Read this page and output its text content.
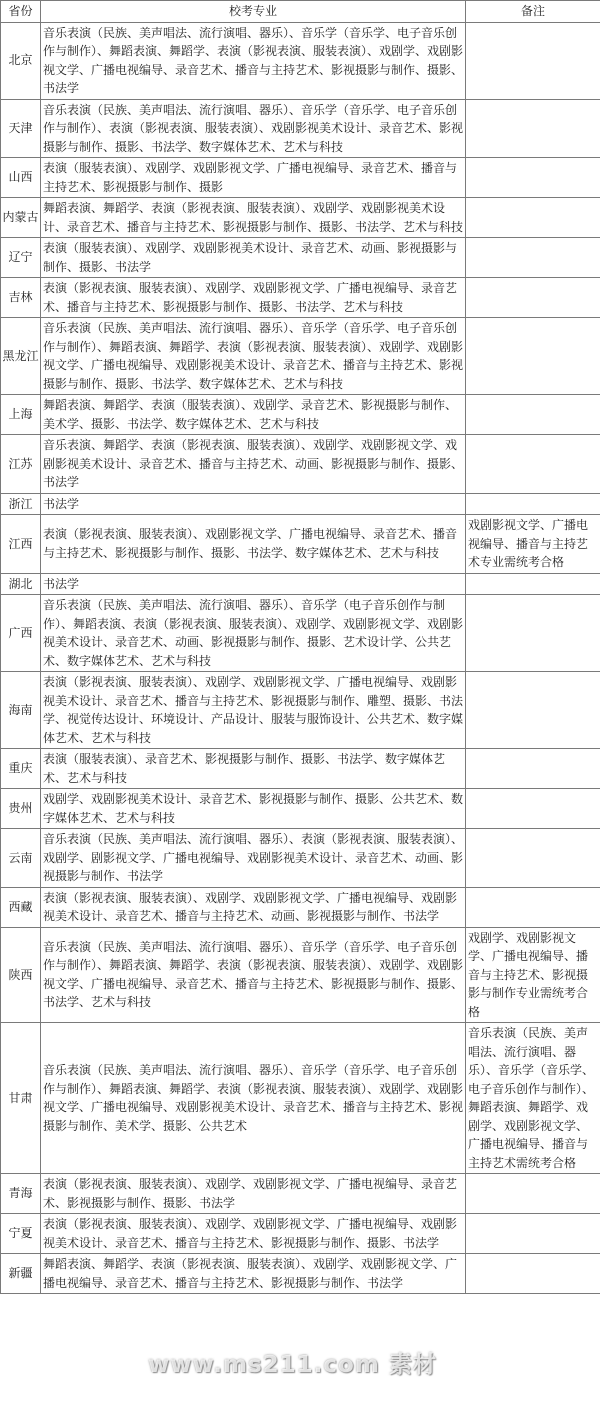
省份	校考专业	备注
北京	音乐表演（民族、美声唱法、流行演唱、器乐）、音乐学（音乐学、电子音乐创作与制作）、舞蹈表演、舞蹈学、表演（影视表演、服装表演）、戏剧学、戏剧影视文学、广播电视编导、录音艺术、播音与主持艺术、影视摄影与制作、摄影、书法学	
天津	音乐表演（民族、美声唱法、流行演唱、器乐）、音乐学（音乐学、电子音乐创作与制作）、表演（影视表演、服装表演）、戏剧影视美术设计、录音艺术、影视摄影与制作、摄影、书法学、数字媒体艺术、艺术与科技	
山西	表演（服装表演）、戏剧学、戏剧影视文学、广播电视编导、录音艺术、播音与主持艺术、影视摄影与制作、摄影	
内蒙古	舞蹈表演、舞蹈学、表演（影视表演、服装表演）、戏剧学、戏剧影视美术设计、录音艺术、播音与主持艺术、影视摄影与制作、摄影、书法学、艺术与科技	
辽宁	表演（服装表演）、戏剧学、戏剧影视美术设计、录音艺术、动画、影视摄影与制作、摄影、书法学	
吉林	表演（影视表演、服装表演）、戏剧学、戏剧影视文学、广播电视编导、录音艺术、播音与主持艺术、影视摄影与制作、摄影、书法学、艺术与科技	
黑龙江	音乐表演（民族、美声唱法、流行演唱、器乐）、音乐学（音乐学、电子音乐创作与制作）、舞蹈表演、舞蹈学、表演（影视表演、服装表演）、戏剧学、戏剧影视文学、广播电视编导、戏剧影视美术设计、录音艺术、播音与主持艺术、影视摄影与制作、摄影、书法学、数字媒体艺术、艺术与科技	
上海	舞蹈表演、舞蹈学、表演（服装表演）、戏剧学、录音艺术、影视摄影与制作、美术学、摄影、书法学、数字媒体艺术、艺术与科技	
江苏	音乐表演、舞蹈学、表演（影视表演、服装表演）、戏剧学、戏剧影视文学、戏剧影视美术设计、录音艺术、播音与主持艺术、动画、影视摄影与制作、摄影、书法学	
浙江	书法学	
江西	表演（影视表演、服装表演）、戏剧影视文学、广播电视编导、录音艺术、播音与主持艺术、影视摄影与制作、摄影、书法学、数字媒体艺术、艺术与科技	戏剧影视文学、广播电视编导、播音与主持艺术专业需统考合格
湖北	书法学	
广西	音乐表演（民族、美声唱法、流行演唱、器乐）、音乐学（电子音乐创作与制作）、舞蹈表演、表演（影视表演、服装表演）、戏剧学、戏剧影视文学、戏剧影视美术设计、录音艺术、动画、影视摄影与制作、摄影、艺术设计学、公共艺术、数字媒体艺术、艺术与科技	
海南	表演（影视表演、服装表演）、戏剧学、戏剧影视文学、广播电视编导、戏剧影视美术设计、录音艺术、播音与主持艺术、影视摄影与制作、雕塑、摄影、书法学、视觉传达设计、环境设计、产品设计、服装与服饰设计、公共艺术、数字媒体艺术、艺术与科技	
重庆	表演（服装表演）、录音艺术、影视摄影与制作、摄影、书法学、数字媒体艺术、艺术与科技	
贵州	戏剧学、戏剧影视美术设计、录音艺术、影视摄影与制作、摄影、公共艺术、数字媒体艺术、艺术与科技	
云南	音乐表演（民族、美声唱法、流行演唱、器乐）、表演（影视表演、服装表演）、戏剧学、剧影视文学、广播电视编导、戏剧影视美术设计、录音艺术、动画、影视摄影与制作、书法学	
西藏	表演（影视表演、服装表演）、戏剧学、戏剧影视文学、广播电视编导、戏剧影视美术设计、录音艺术、播音与主持艺术、动画、影视摄影与制作、书法学	
陕西	音乐表演（民族、美声唱法、流行演唱、器乐）、音乐学（音乐学、电子音乐创作与制作）、舞蹈表演、舞蹈学、表演（影视表演、服装表演）、戏剧学、戏剧影视文学、广播电视编导、录音艺术、播音与主持艺术、影视摄影与制作、摄影、书法学、艺术与科技	戏剧学、戏剧影视文学、广播电视编导、播音与主持艺术、影视摄影与制作专业需统考合格
甘肃	音乐表演（民族、美声唱法、流行演唱、器乐）、音乐学（音乐学、电子音乐创作与制作）、舞蹈表演、舞蹈学、表演（影视表演、服装表演）、戏剧学、戏剧影视文学、广播电视编导、戏剧影视美术设计、录音艺术、播音与主持艺术、影视摄影与制作、美术学、摄影、公共艺术	音乐表演（民族、美声唱法、流行演唱、器乐）、音乐学（音乐学、电子音乐创作与制作）、舞蹈表演、舞蹈学、戏剧学、戏剧影视文学、广播电视编导、播音与主持艺术需统考合格
青海	表演（影视表演、服装表演）、戏剧学、戏剧影视文学、广播电视编导、录音艺术、影视摄影与制作、摄影、书法学	
宁夏	表演（影视表演、服装表演）、戏剧学、戏剧影视文学、广播电视编导、戏剧影视美术设计、录音艺术、播音与主持艺术、影视摄影与制作、摄影、书法学	
新疆	舞蹈表演、舞蹈学、表演（影视表演、服装表演）、戏剧学、戏剧影视文学、广播电视编导、录音艺术、播音与主持艺术、影视摄影与制作、书法学	
www.ms211.com 素材
